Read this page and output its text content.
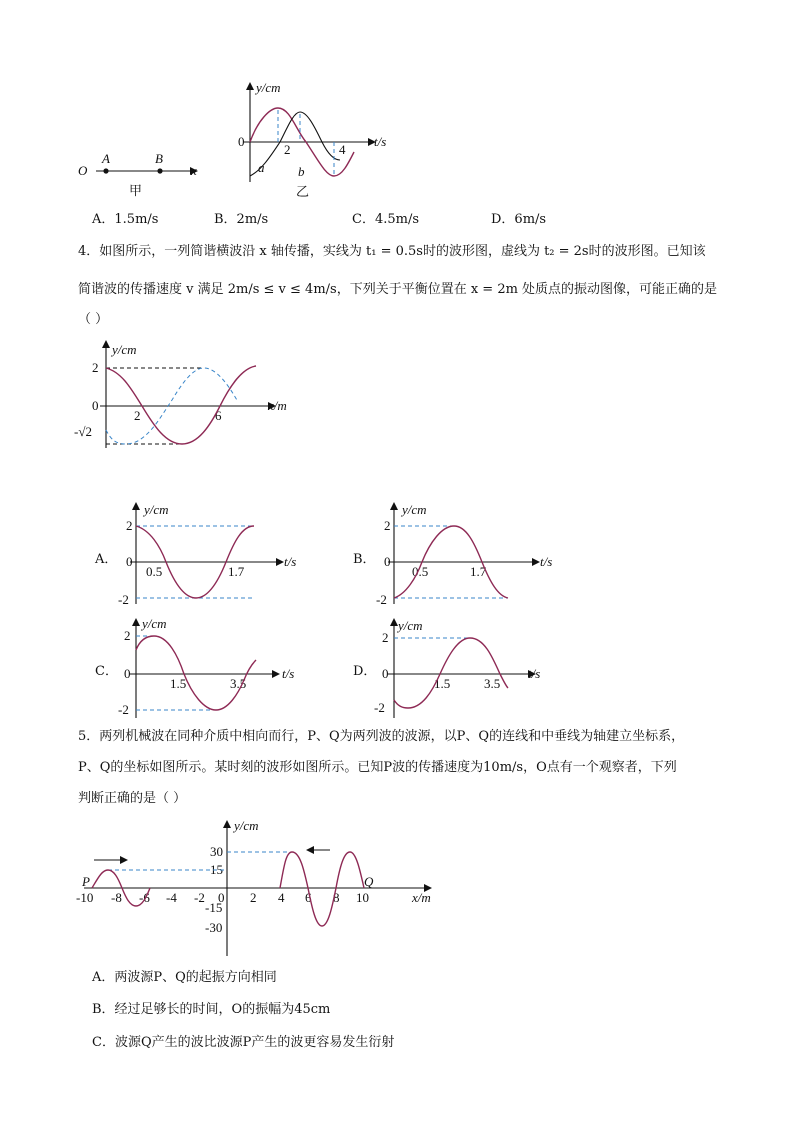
O
A	B
x
甲
y/cm
t/s
0
2	4
a	b
乙
A．1.5m/s	B．2m/s	C．4.5m/s	D．6m/s
4．如图所示，一列简谐横波沿 x 轴传播，实线为 t₁ = 0.5s时的波形图，虚线为 t₂ = 2s时的波形图。已知该
简谐波的传播速度 v 满足 2m/s ≤ v ≤ 4m/s，下列关于平衡位置在 x = 2m 处质点的振动图像，可能正确的是
（ ）
y/cm
x/m
2
0
-√2
2	6
A．
y/cm
t/s
2
0
-2
0.5	1.7
B．
y/cm
t/s
2
0
-2
0.5	1.7
C．
y/cm
t/s
2
0
-2
1.5	3.5
D．
y/cm
t/s
2
0
-2
1.5	3.5
5．两列机械波在同种介质中相向而行，P、Q为两列波的波源，以P、Q的连线和中垂线为轴建立坐标系，
P、Q的坐标如图所示。某时刻的波形如图所示。已知P波的传播速度为10m/s，O点有一个观察者，下列
判断正确的是（ ）
y/cm
x/m
30
15
-15
-30
-10 -8 -6 -4 -2 0 2 4 6 8 10
P	Q
A．两波源P、Q的起振方向相同
B．经过足够长的时间，O的振幅为45cm
C．波源Q产生的波比波源P产生的波更容易发生衍射
